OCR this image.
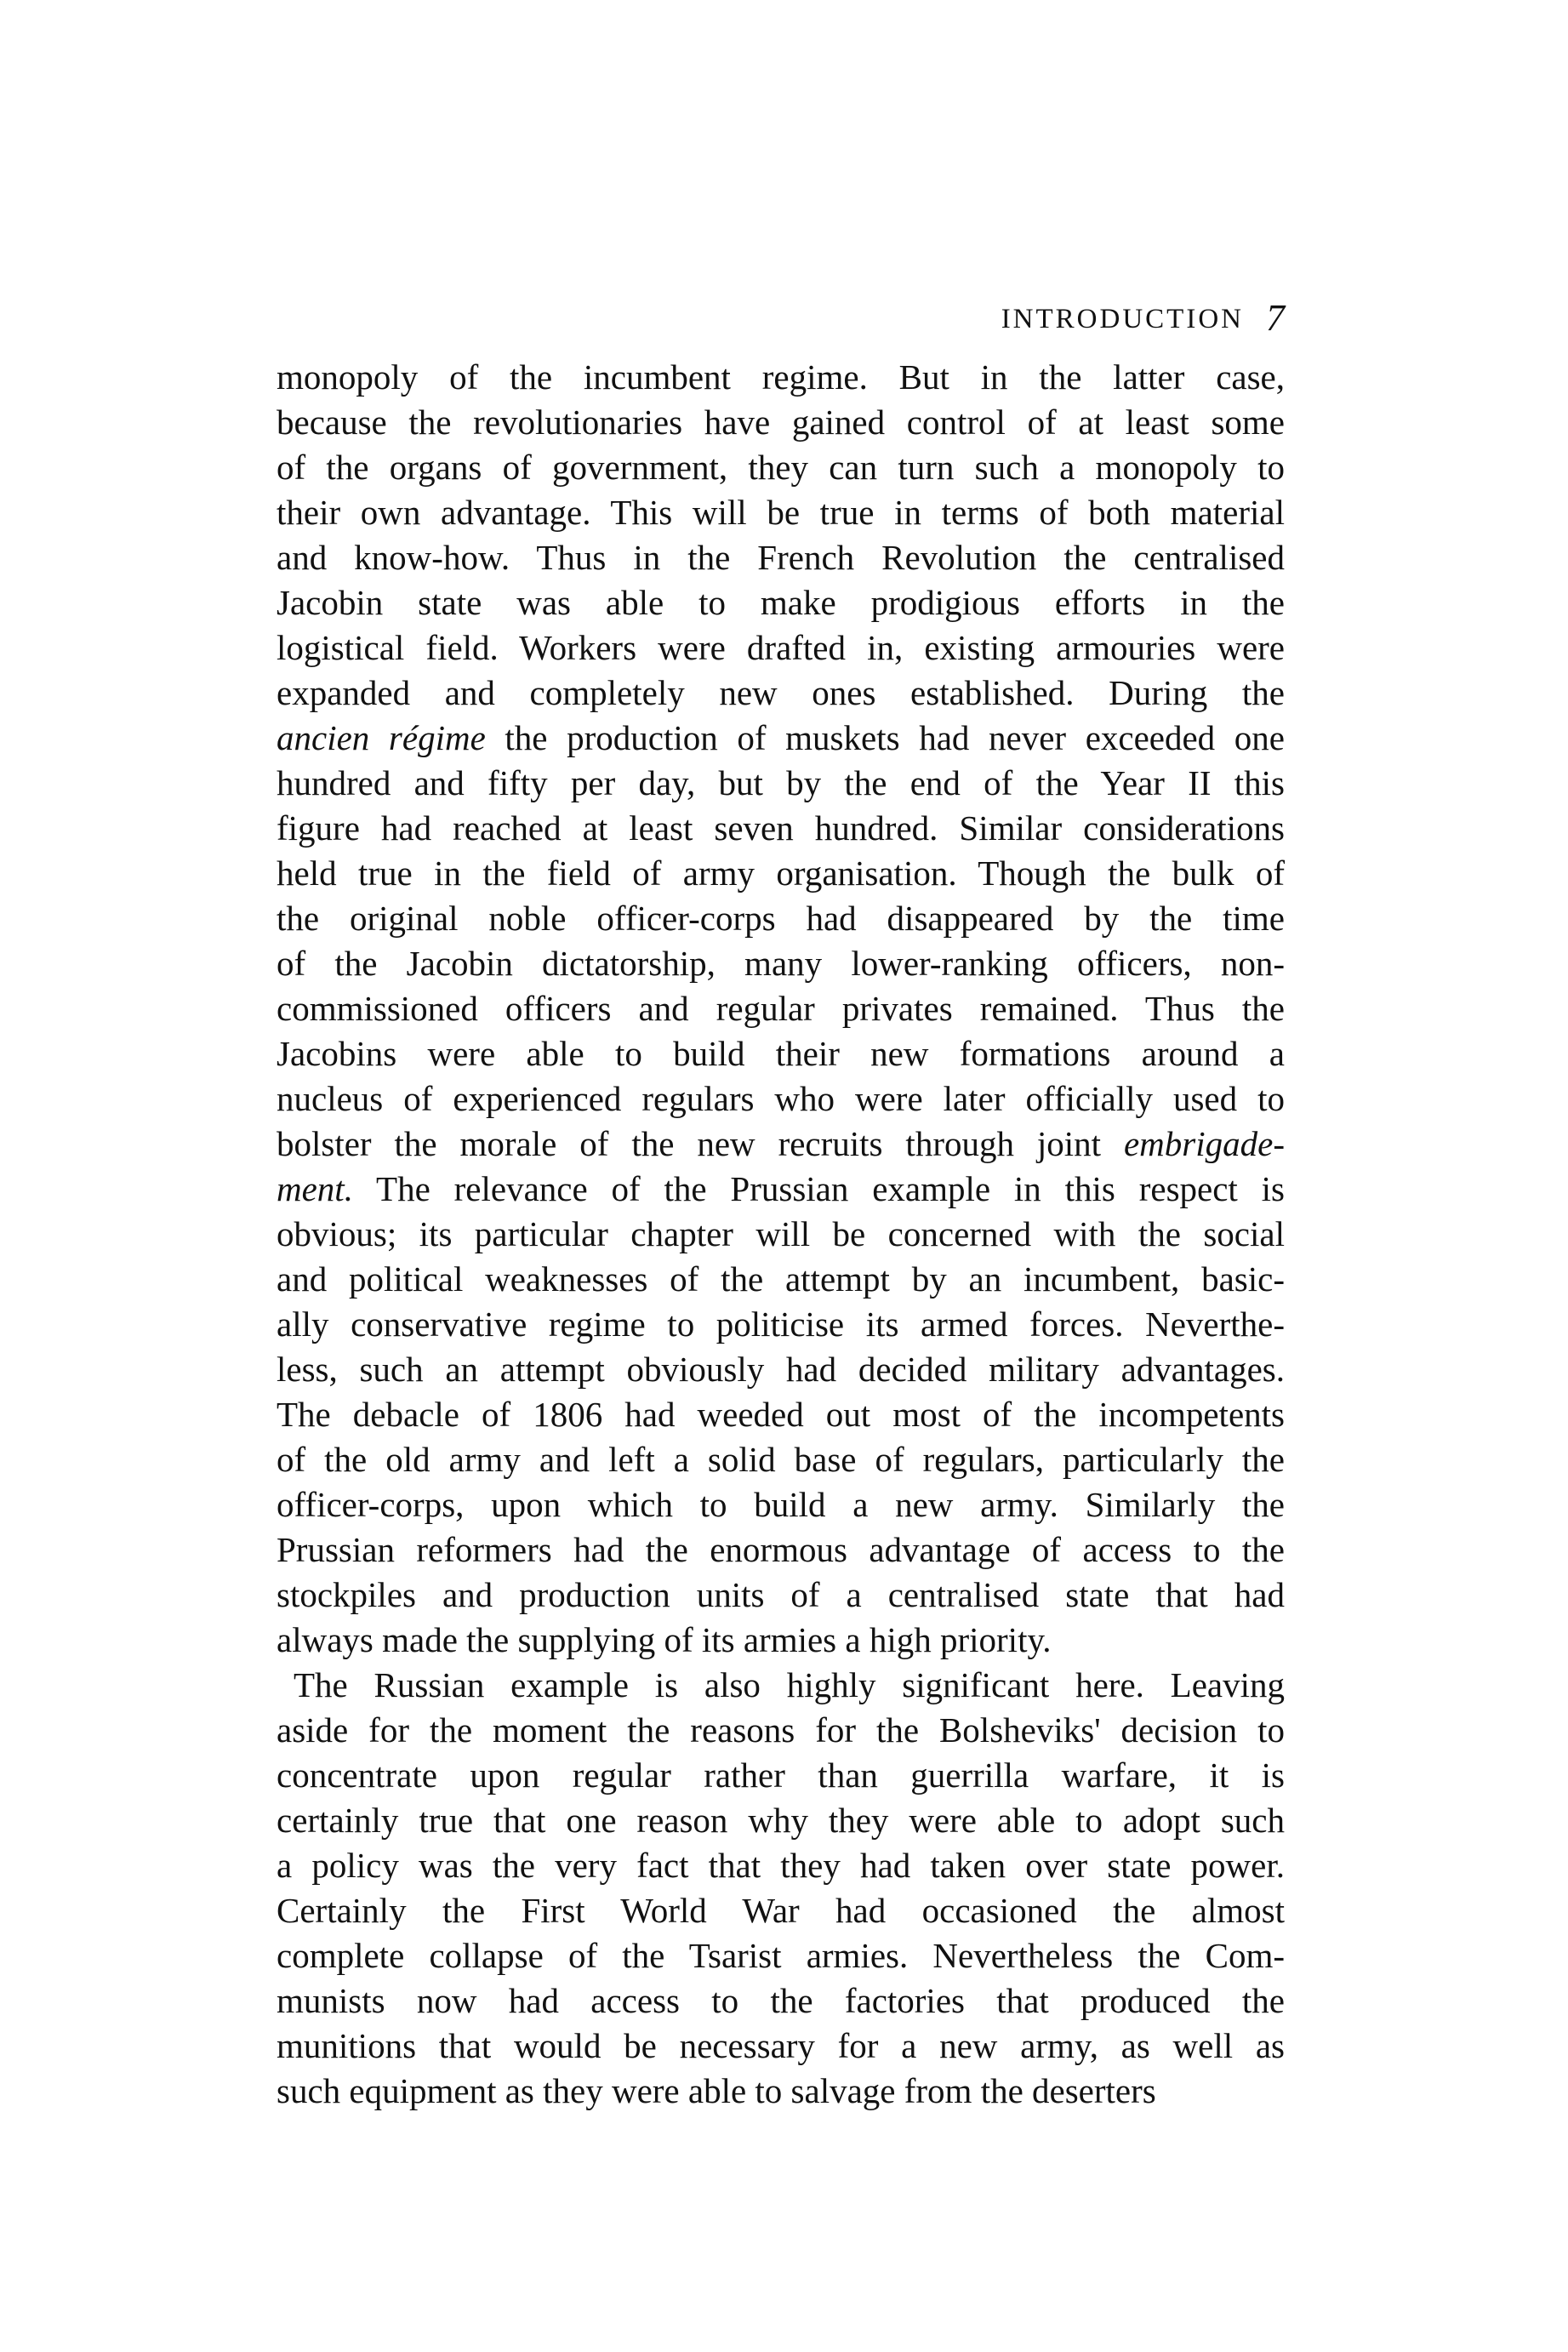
INTRODUCTION 7
monopoly of the incumbent regime. But in the latter case,
because the revolutionaries have gained control of at least some
of the organs of government, they can turn such a monopoly to
their own advantage. This will be true in terms of both material
and know-how. Thus in the French Revolution the centralised
Jacobin state was able to make prodigious efforts in the
logistical field. Workers were drafted in, existing armouries were
expanded and completely new ones established. During the
ancien régime the production of muskets had never exceeded one
hundred and fifty per day, but by the end of the Year II this
figure had reached at least seven hundred. Similar considerations
held true in the field of army organisation. Though the bulk of
the original noble officer-corps had disappeared by the time
of the Jacobin dictatorship, many lower-ranking officers, non-
commissioned officers and regular privates remained. Thus the
Jacobins were able to build their new formations around a
nucleus of experienced regulars who were later officially used to
bolster the morale of the new recruits through joint embrigade-
ment. The relevance of the Prussian example in this respect is
obvious; its particular chapter will be concerned with the social
and political weaknesses of the attempt by an incumbent, basic-
ally conservative regime to politicise its armed forces. Neverthe-
less, such an attempt obviously had decided military advantages.
The debacle of 1806 had weeded out most of the incompetents
of the old army and left a solid base of regulars, particularly the
officer-corps, upon which to build a new army. Similarly the
Prussian reformers had the enormous advantage of access to the
stockpiles and production units of a centralised state that had
always made the supplying of its armies a high priority.
The Russian example is also highly significant here. Leaving
aside for the moment the reasons for the Bolsheviks' decision to
concentrate upon regular rather than guerrilla warfare, it is
certainly true that one reason why they were able to adopt such
a policy was the very fact that they had taken over state power.
Certainly the First World War had occasioned the almost
complete collapse of the Tsarist armies. Nevertheless the Com-
munists now had access to the factories that produced the
munitions that would be necessary for a new army, as well as
such equipment as they were able to salvage from the deserters
